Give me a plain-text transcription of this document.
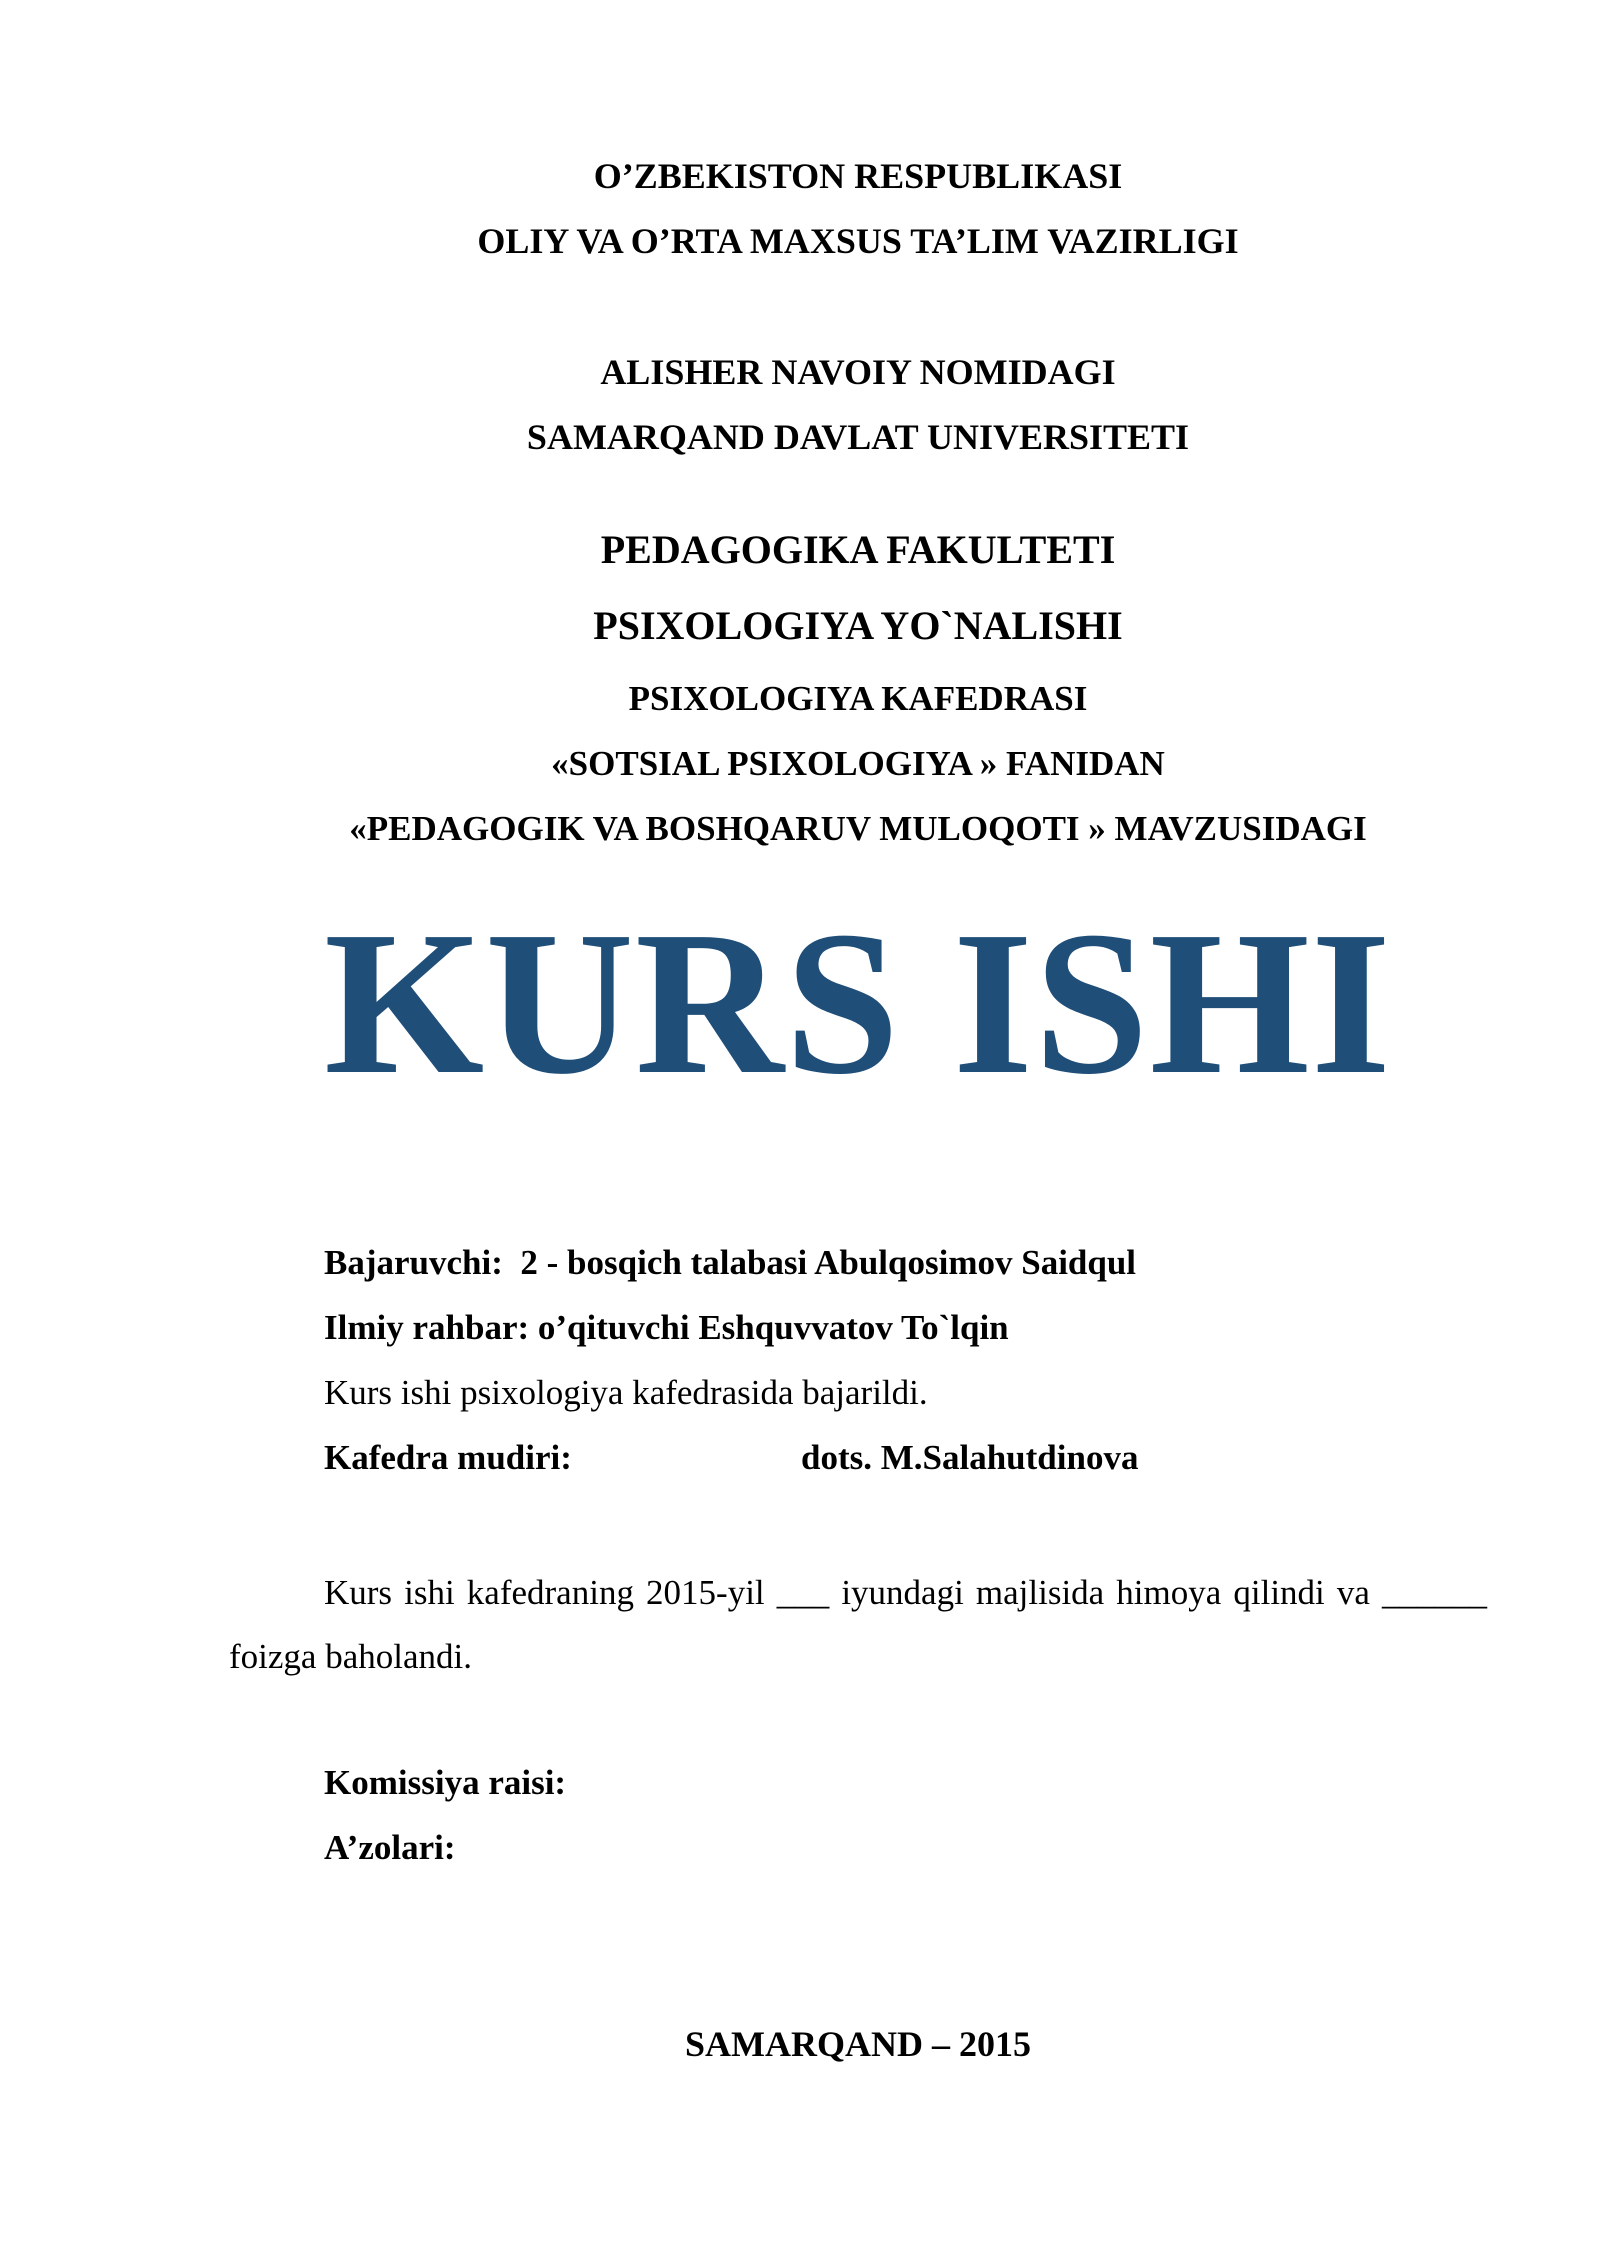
O’ZBEKISTON RESPUBLIKASI
OLIY VA O’RTA MAXSUS TA’LIM VAZIRLIGI
ALISHER NAVOIY NOMIDAGI
SAMARQAND DAVLAT UNIVERSITETI
PEDAGOGIKA FAKULTETI
PSIXOLOGIYA YO`NALISHI
PSIXOLOGIYA KAFEDRASI
«SOTSIAL PSIXOLOGIYA » FANIDAN
«PEDAGOGIK VA BOSHQARUV MULOQOTI » MAVZUSIDAGI
KURS ISHI
Bajaruvchi: 2 - bosqich talabasi Abulqosimov Saidqul
Ilmiy rahbar: o’qituvchi Eshquvvatov To`lqin
Kurs ishi psixologiya kafedrasida bajarildi.
Kafedra mudiri:	dots. M.Salahutdinova
Kurs ishi kafedraning 2015-yil ___ iyundagi majlisida himoya qilindi va ______ foizga baholandi.
Komissiya raisi:
A’zolari:
SAMARQAND – 2015
